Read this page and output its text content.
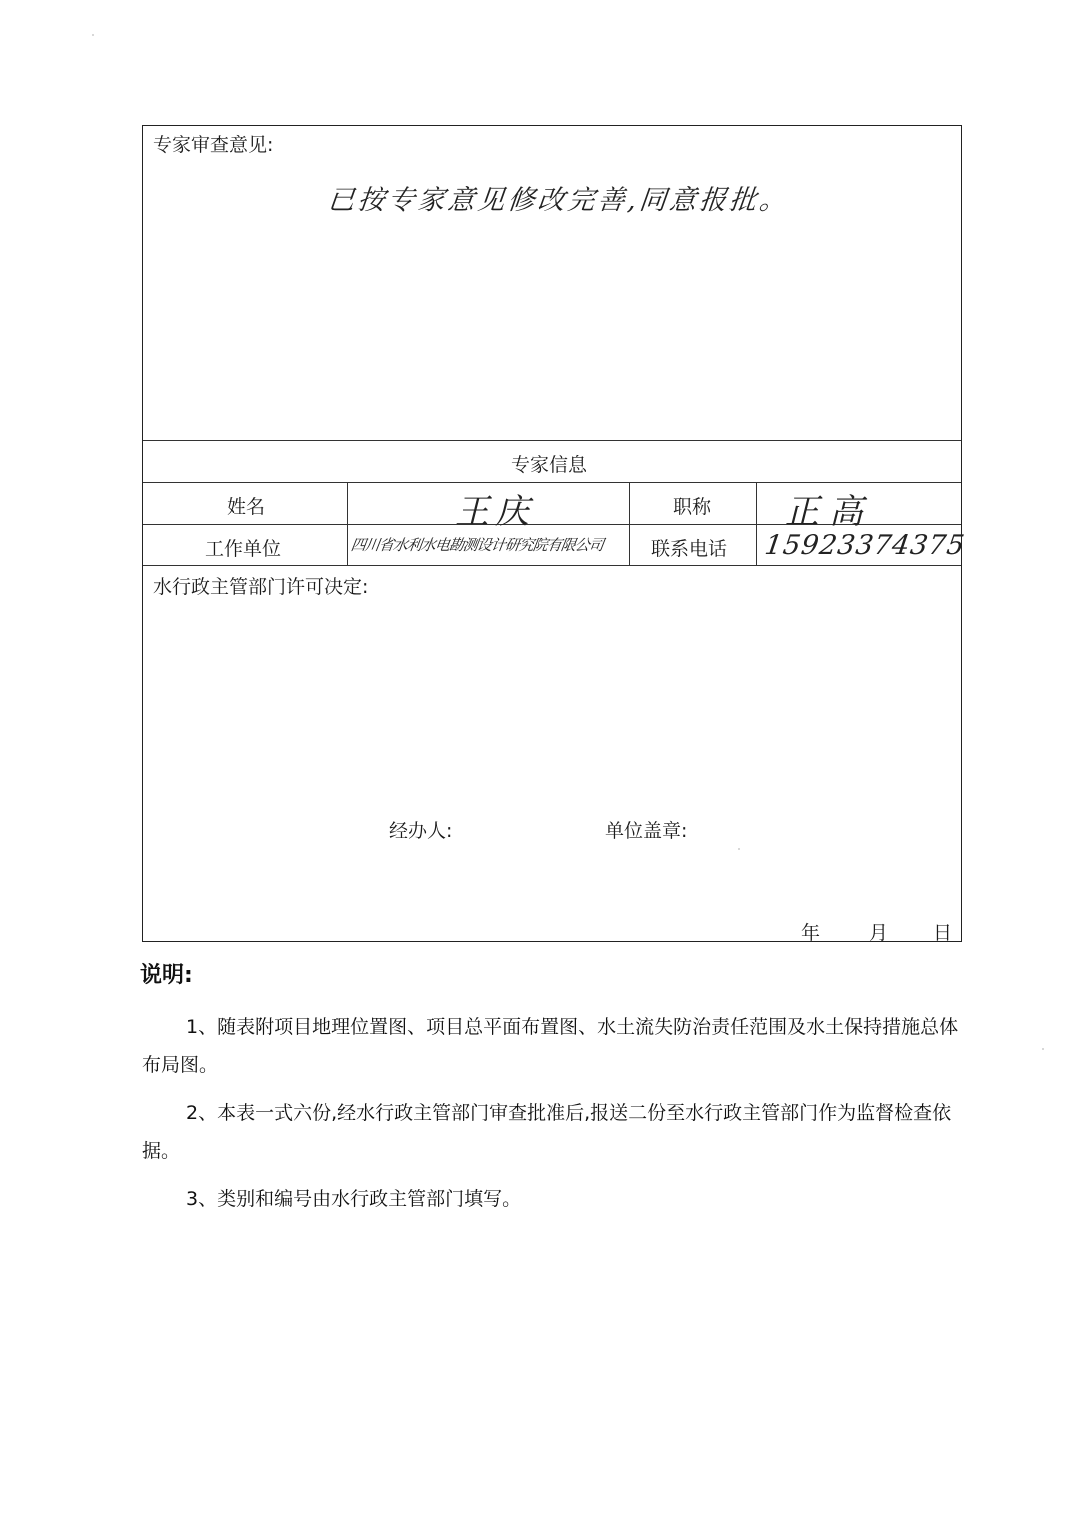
专家审查意见:
已按专家意见修改完善,同意报批。
专家信息
姓名	王庆	职称 正高
工作单位	四川省水利水电勘测设计研究院有限公司 联系电话 15923374375
水行政主管部门许可决定:
经办人:	单位盖章:
年	月 日
说明:
1、随表附项目地理位置图、项目总平面布置图、水土流失防治责任范围及水土保持措施总体布局图。
2、本表一式六份,经水行政主管部门审查批准后,报送二份至水行政主管部门作为监督检查依据。
3、类别和编号由水行政主管部门填写。
